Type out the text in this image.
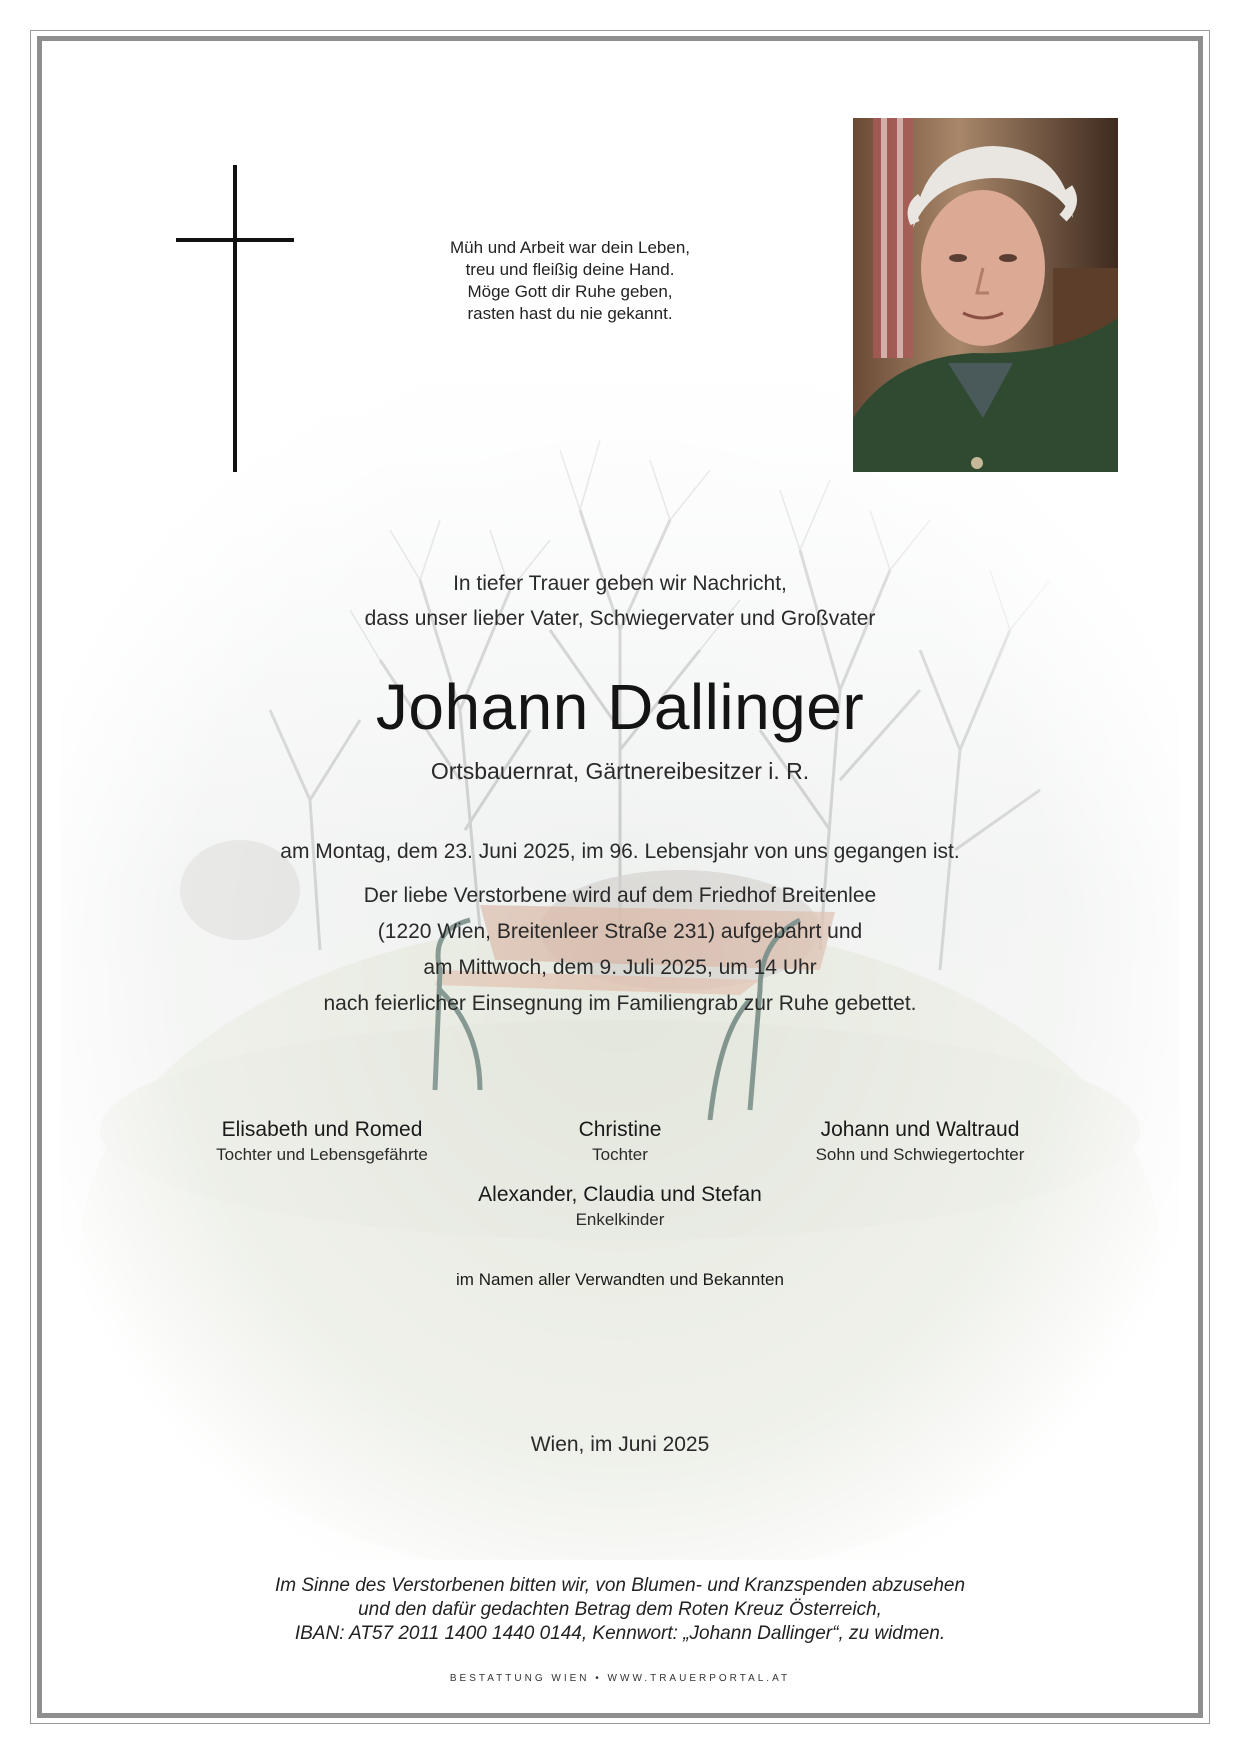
Müh und Arbeit war dein Leben,
treu und fleißig deine Hand.
Möge Gott dir Ruhe geben,
rasten hast du nie gekannt.
In tiefer Trauer geben wir Nachricht,
dass unser lieber Vater, Schwiegervater und Großvater
Johann Dallinger
Ortsbauernrat, Gärtnereibesitzer i. R.
am Montag, dem 23. Juni 2025, im 96. Lebensjahr von uns gegangen ist.
Der liebe Verstorbene wird auf dem Friedhof Breitenlee
(1220 Wien, Breitenleer Straße 231) aufgebahrt und
am Mittwoch, dem 9. Juli 2025, um 14 Uhr
nach feierlicher Einsegnung im Familiengrab zur Ruhe gebettet.
Elisabeth und Romed
Tochter und Lebensgefährte
Christine
Tochter
Johann und Waltraud
Sohn und Schwiegertochter
Alexander, Claudia und Stefan
Enkelkinder
im Namen aller Verwandten und Bekannten
Wien, im Juni 2025
Im Sinne des Verstorbenen bitten wir, von Blumen- und Kranzspenden abzusehen
und den dafür gedachten Betrag dem Roten Kreuz Österreich,
IBAN: AT57 2011 1400 1440 0144, Kennwort: „Johann Dallinger“, zu widmen.
BESTATTUNG WIEN • WWW.TRAUERPORTAL.AT
